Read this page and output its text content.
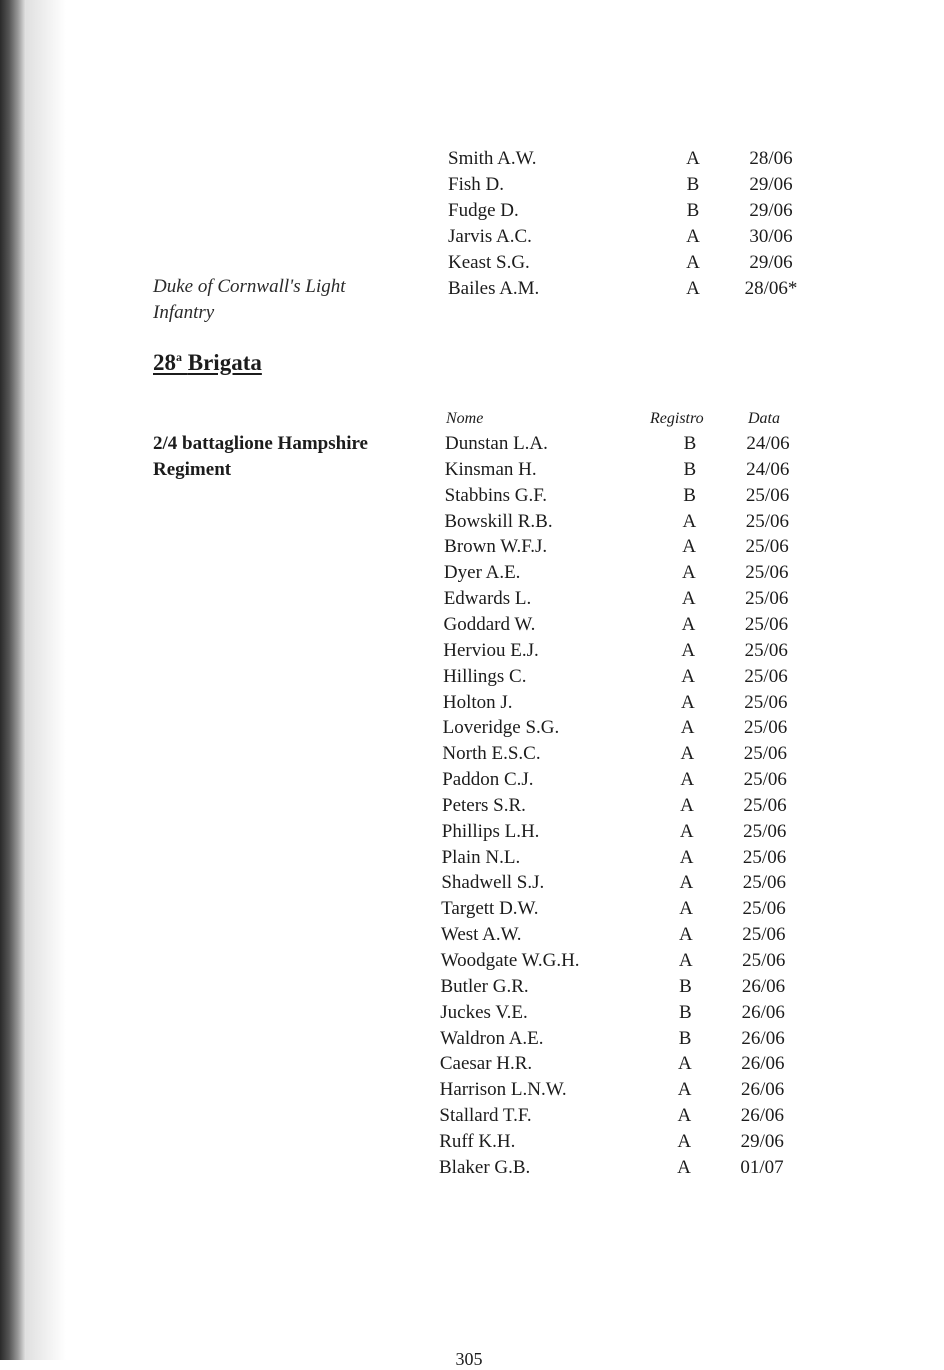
Smith A.W.	A	28/06
Fish D.	B	29/06
Fudge D.	B	29/06
Jarvis A.C.	A	30/06
Keast S.G.	A	29/06
Bailes A.M.	A	28/06*
Duke of Cornwall's Light Infantry
28$^a$ Brigata
Nome	Registro	Data
2/4 battaglione Hampshire Regiment
Dunstan L.A.	B	24/06
Kinsman H.	B	24/06
Stabbins G.F.	B	25/06
Bowskill R.B.	A	25/06
Brown W.F.J.	A	25/06
Dyer A.E.	A	25/06
Edwards L.	A	25/06
Goddard W.	A	25/06
Herviou E.J.	A	25/06
Hillings C.	A	25/06
Holton J.	A	25/06
Loveridge S.G.	A	25/06
North E.S.C.	A	25/06
Paddon C.J.	A	25/06
Peters S.R.	A	25/06
Phillips L.H.	A	25/06
Plain N.L.	A	25/06
Shadwell S.J.	A	25/06
Targett D.W.	A	25/06
West A.W.	A	25/06
Woodgate W.G.H.	A	25/06
Butler G.R.	B	26/06
Juckes V.E.	B	26/06
Waldron A.E.	B	26/06
Caesar H.R.	A	26/06
Harrison L.N.W.	A	26/06
Stallard T.F.	A	26/06
Ruff K.H.	A	29/06
Blaker G.B.	A	01/07
305
